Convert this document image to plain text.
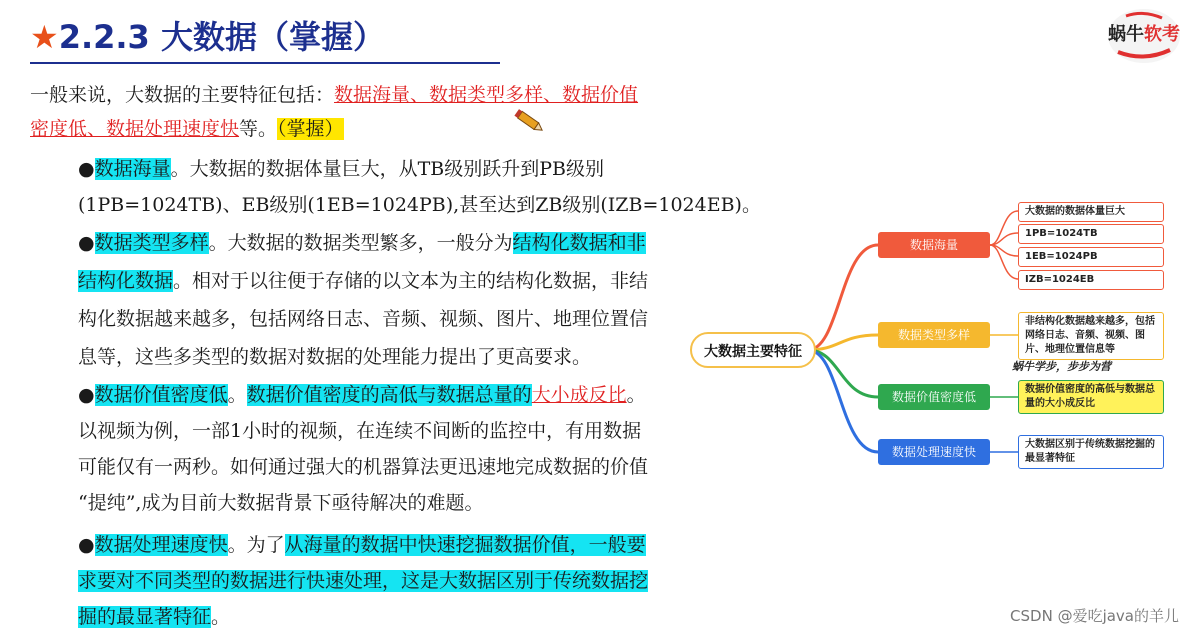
★2.2.3 大数据（掌握）	蜗牛软考
一般来说，大数据的主要特征包括：数据海量、数据类型多样、数据价值
密度低、数据处理速度快等。（掌握）
●数据海量。大数据的数据体量巨大，从TB级别跃升到PB级别
(1PB=1024TB)、EB级别(1EB=1024PB),甚至达到ZB级别(IZB=1024EB)。
●数据类型多样。大数据的数据类型繁多，一般分为结构化数据和非
结构化数据。相对于以往便于存储的以文本为主的结构化数据，非结
构化数据越来越多，包括网络日志、音频、视频、图片、地理位置信
息等，这些多类型的数据对数据的处理能力提出了更高要求。
●数据价值密度低。数据价值密度的高低与数据总量的大小成反比。
以视频为例，一部1小时的视频，在连续不间断的监控中，有用数据
可能仅有一两秒。如何通过强大的机器算法更迅速地完成数据的价值
“提纯”,成为目前大数据背景下亟待解决的难题。
●数据处理速度快。为了从海量的数据中快速挖掘数据价值，一般要
求要对不同类型的数据进行快速处理，这是大数据区别于传统数据挖
掘的最显著特征。
大数据主要特征
数据海量
数据类型多样
数据价值密度低
数据处理速度快
大数据的数据体量巨大
1PB=1024TB
1EB=1024PB
IZB=1024EB
非结构化数据越来越多，包括网络日志、音频、视频、图片、地理位置信息等
数据价值密度的高低与数据总量的大小成反比
大数据区别于传统数据挖掘的最显著特征
蜗牛学步，步步为营
CSDN @爱吃java的羊儿
